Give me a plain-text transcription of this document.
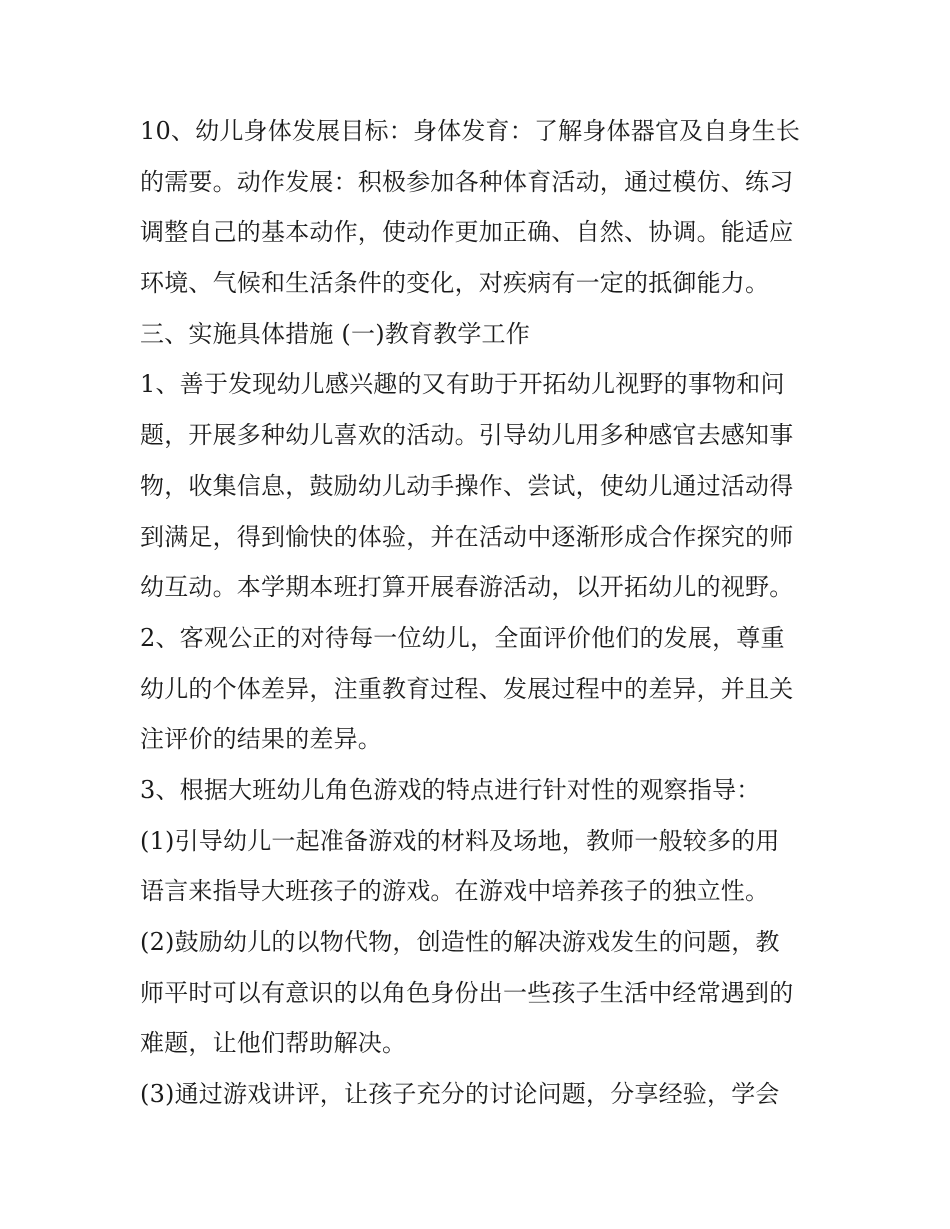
10、幼儿身体发展目标：身体发育：了解身体器官及自身生长
的需要。动作发展：积极参加各种体育活动，通过模仿、练习
调整自己的基本动作，使动作更加正确、自然、协调。能适应
环境、气候和生活条件的变化，对疾病有一定的抵御能力。
三、实施具体措施 (一)教育教学工作
1、善于发现幼儿感兴趣的又有助于开拓幼儿视野的事物和问
题，开展多种幼儿喜欢的活动。引导幼儿用多种感官去感知事
物，收集信息，鼓励幼儿动手操作、尝试，使幼儿通过活动得
到满足，得到愉快的体验，并在活动中逐渐形成合作探究的师
幼互动。本学期本班打算开展春游活动，以开拓幼儿的视野。
2、客观公正的对待每一位幼儿，全面评价他们的发展，尊重
幼儿的个体差异，注重教育过程、发展过程中的差异，并且关
注评价的结果的差异。
3、根据大班幼儿角色游戏的特点进行针对性的观察指导：
(1)引导幼儿一起准备游戏的材料及场地，教师一般较多的用
语言来指导大班孩子的游戏。在游戏中培养孩子的独立性。
(2)鼓励幼儿的以物代物，创造性的解决游戏发生的问题，教
师平时可以有意识的以角色身份出一些孩子生活中经常遇到的
难题，让他们帮助解决。
(3)通过游戏讲评，让孩子充分的讨论问题，分享经验，学会
